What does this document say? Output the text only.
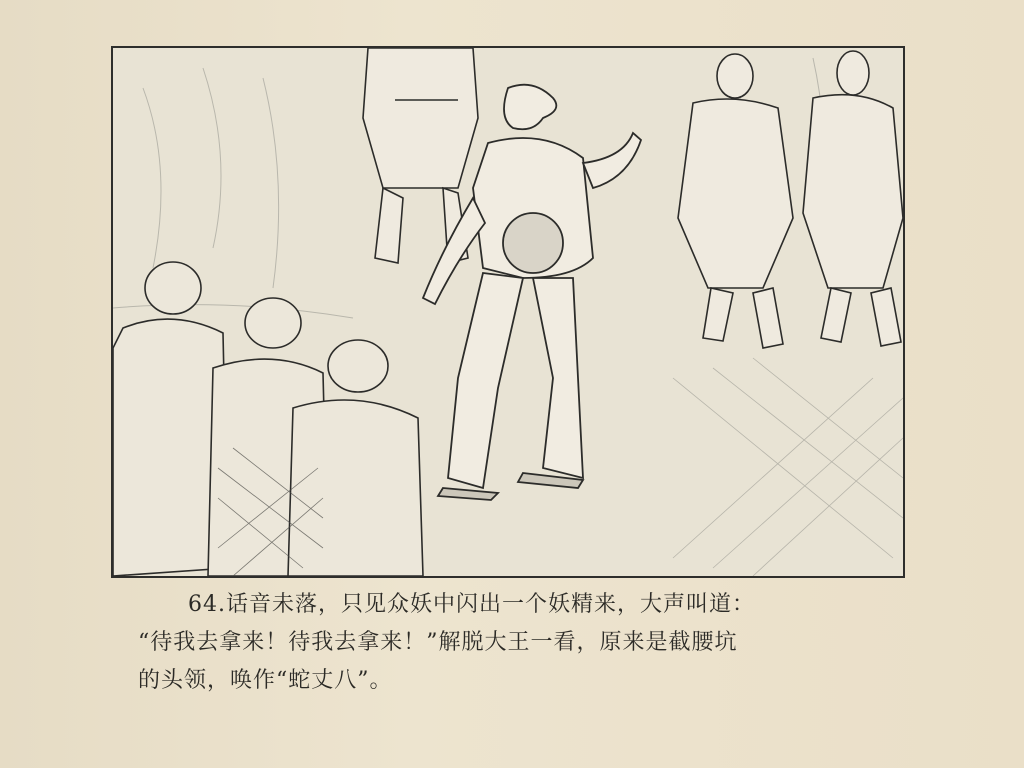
64.话音未落，只见众妖中闪出一个妖精来，大声叫道：
“待我去拿来！待我去拿来！”解脱大王一看，原来是截腰坑
的头领，唤作“蛇丈八”。
